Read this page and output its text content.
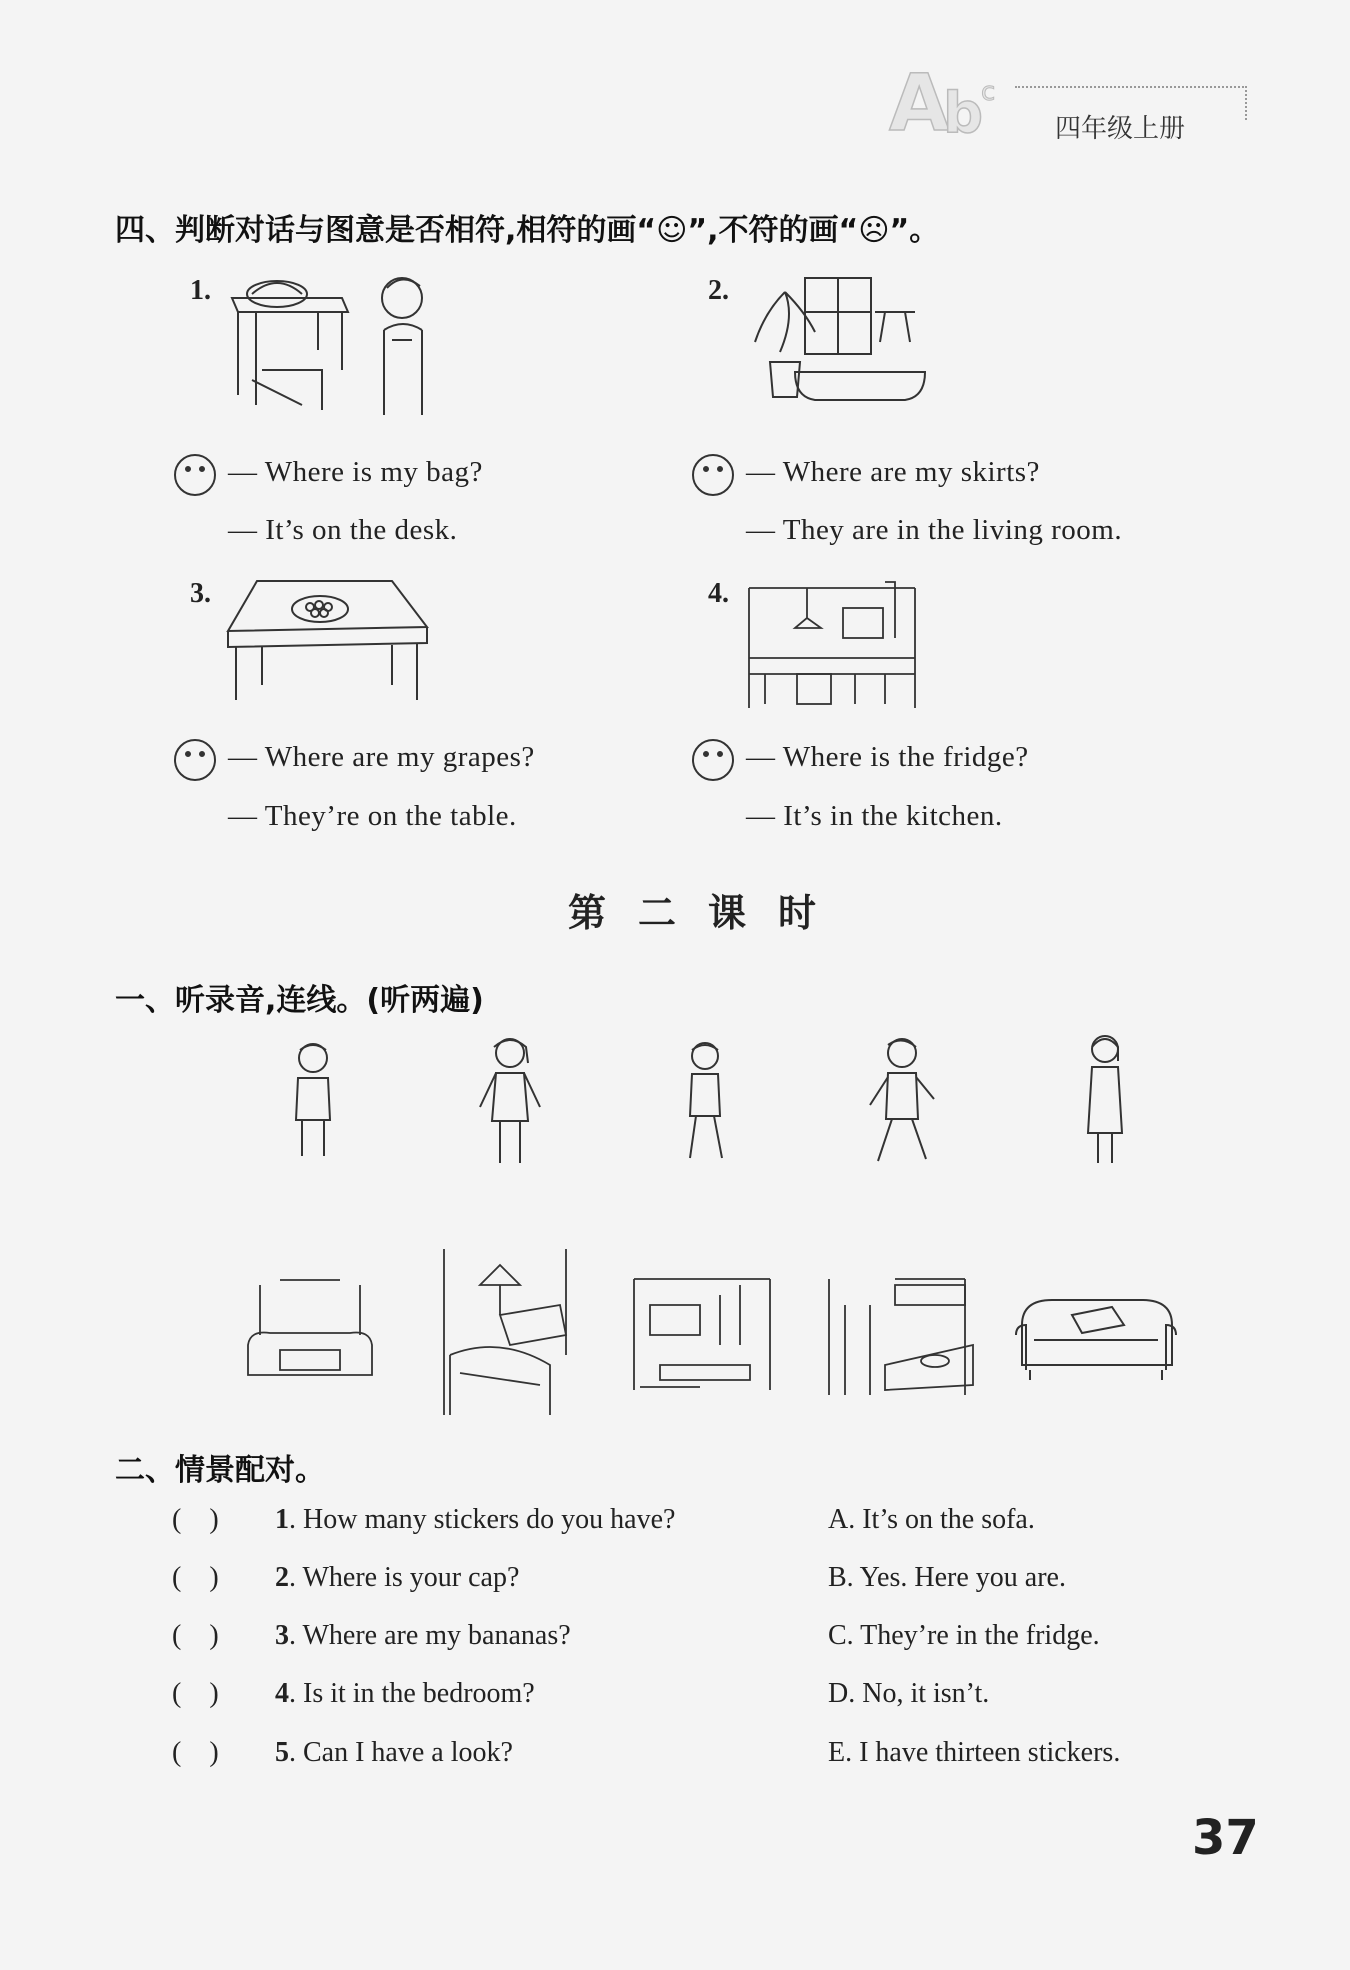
A
b
c
四年级上册
四、判断对话与图意是否相符,相符的画“☺”,不符的画“☹”。
1.
— Where is my bag?
— It’s on the desk.
2.
— Where are my skirts?
— They are in the living room.
3.
— Where are my grapes?
— They’re on the table.
4.
— Where is the fridge?
— It’s in the kitchen.
第二课时
一、听录音,连线。(听两遍)
二、情景配对。
(    ) 1. How many stickers do you have?	A. It’s on the sofa.
(    ) 2. Where is your cap?	B. Yes. Here you are.
(    ) 3. Where are my bananas?	C. They’re in the fridge.
(    ) 4. Is it in the bedroom?	D. No, it isn’t.
(    ) 5. Can I have a look?	E. I have thirteen stickers.
37
